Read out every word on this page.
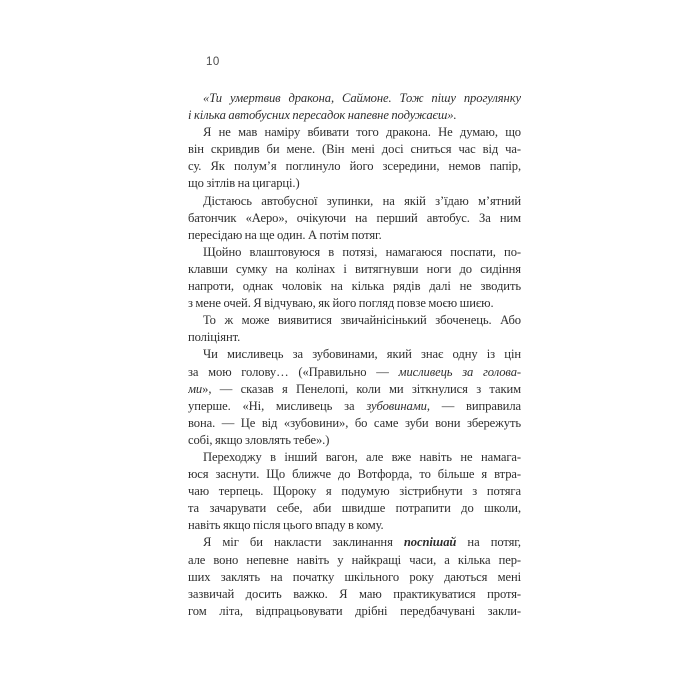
10
«Ти умертвив дракона, Саймоне. Тож пішу прогулянку
і кілька автобусних пересадок напевне подужаєш».
Я не мав наміру вбивати того дракона. Не думаю, що
він скривдив би мене. (Він мені досі сниться час від ча-
су. Як полум’я поглинуло його зсередини, немов папір,
що зітлів на цигарці.)
Дістаюсь автобусної зупинки, на якій з’їдаю м’ятний
батончик «Аеро», очікуючи на перший автобус. За ним
пересідаю на ще один. А потім потяг.
Щойно влаштовуюся в потязі, намагаюся поспати, по-
клавши сумку на колінах і витягнувши ноги до сидіння
напроти, однак чоловік на кілька рядів далі не зводить
з мене очей. Я відчуваю, як його погляд повзе моєю шиєю.
То ж може виявитися звичайнісінький збоченець. Або
поліціянт.
Чи мисливець за зубовинами, який знає одну із цін
за мою голову… («Правильно — мисливець за голова-
ми», — сказав я Пенелопі, коли ми зіткнулися з таким
уперше. «Ні, мисливець за зубовинами, — виправила
вона. — Це від «зубовини», бо саме зуби вони збережуть
собі, якщо зловлять тебе».)
Переходжу в інший вагон, але вже навіть не намага-
юся заснути. Що ближче до Вотфорда, то більше я втра-
чаю терпець. Щороку я подумую зістрибнути з потяга
та зачарувати себе, аби швидше потрапити до школи,
навіть якщо після цього впаду в кому.
Я міг би накласти заклинання поспішай на потяг,
але воно непевне навіть у найкращі часи, а кілька пер-
ших заклять на початку шкільного року даються мені
зазвичай досить важко. Я маю практикуватися протя-
гом літа, відпрацьовувати дрібні передбачувані закли-
